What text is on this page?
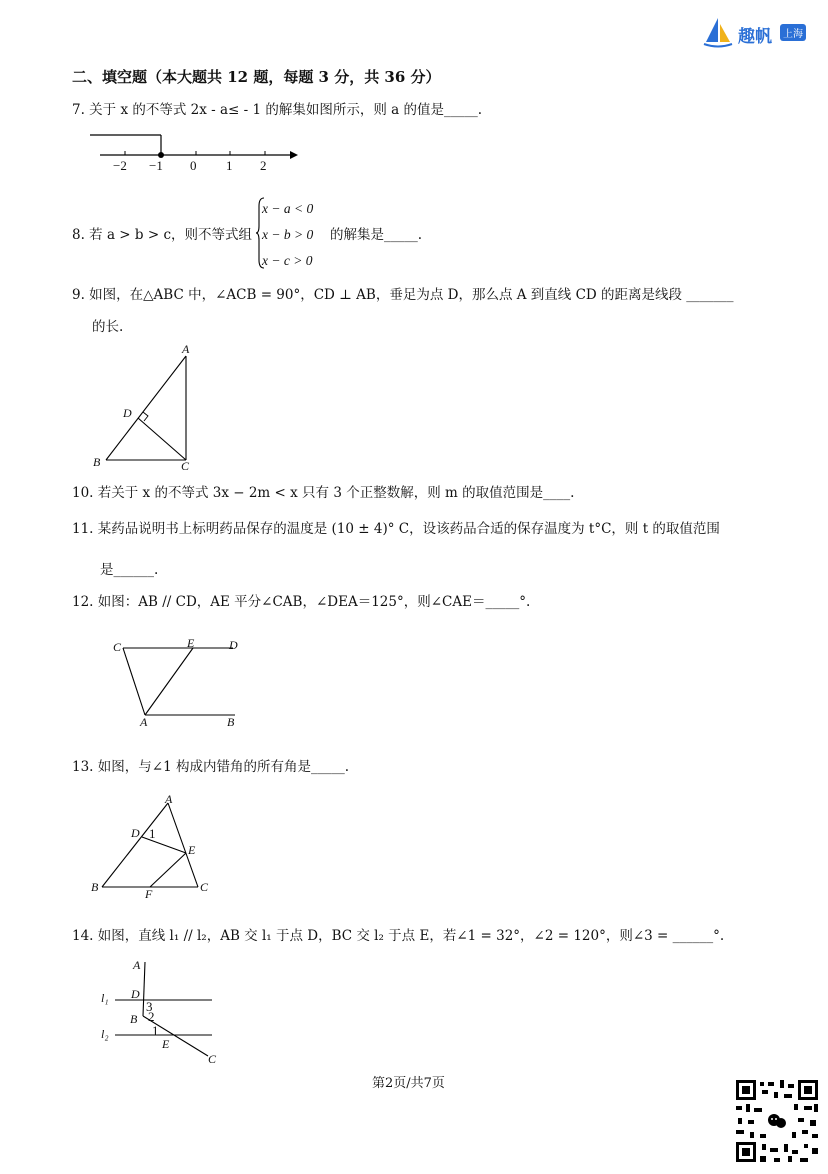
趣帆	上海
二、填空题（本大题共 12 题，每题 3 分，共 36 分）
7. 关于 x 的不等式 2x - a≤ - 1 的解集如图所示，则 a 的值是_____.
−2 −1 0 1 2
8. 若 a > b > c，则不等式组
x − a < 0
x − b > 0
x − c > 0
的解集是_____.
9. 如图，在△ABC 中，∠ACB = 90°，CD ⊥ AB，垂足为点 D，那么点 A 到直线 CD 的距离是线段 _______
的长.
A
D
B	C
10. 若关于 x 的不等式 3x − 2m < x 只有 3 个正整数解，则 m 的取值范围是____.
11. 某药品说明书上标明药品保存的温度是 (10 ± 4)° C，设该药品合适的保存温度为 t°C，则 t 的取值范围
是______.
12. 如图：AB // CD，AE 平分∠CAB，∠DEA＝125°，则∠CAE＝_____°.
C	E	D
A	B
13. 如图，与∠1 构成内错角的所有角是_____.
A
D 1
E
B	F	C
14. 如图，直线 l₁ // l₂，AB 交 l₁ 于点 D，BC 交 l₂ 于点 E，若∠1 = 32°，∠2 = 120°，则∠3 = ______°.
A
l₁ D
3
B 2
l₂	1
E
C
第2页/共7页
